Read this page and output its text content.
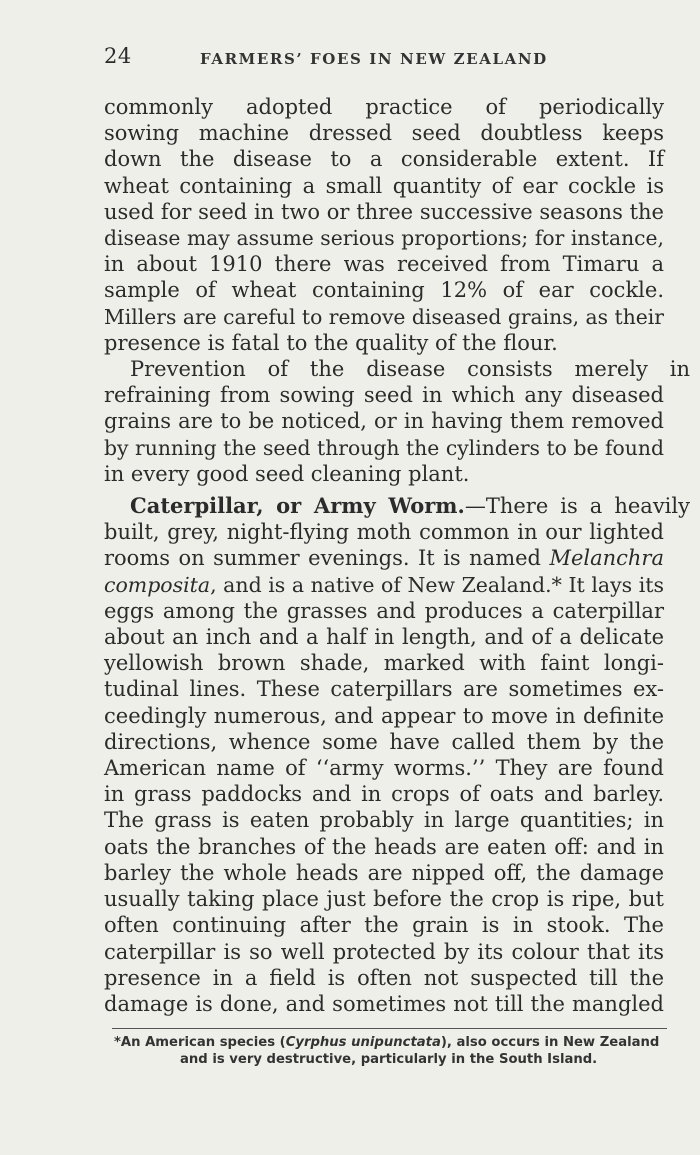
24	FARMERS’ FOES IN NEW ZEALAND
commonly adopted practice of periodically
sowing machine dressed seed doubtless keeps
down the disease to a considerable extent. If
wheat containing a small quantity of ear cockle is
used for seed in two or three successive seasons the
disease may assume serious proportions; for instance,
in about 1910 there was received from Timaru a
sample of wheat containing 12% of ear cockle.
Millers are careful to remove diseased grains, as their
presence is fatal to the quality of the flour.
Prevention of the disease consists merely in
refraining from sowing seed in which any diseased
grains are to be noticed, or in having them removed
by running the seed through the cylinders to be found
in every good seed cleaning plant.
Caterpillar, or Army Worm.—There is a heavily
built, grey, night-flying moth common in our lighted
rooms on summer evenings. It is named Melanchra
composita, and is a native of New Zealand.* It lays its
eggs among the grasses and produces a caterpillar
about an inch and a half in length, and of a delicate
yellowish brown shade, marked with faint longi-
tudinal lines. These caterpillars are sometimes ex-
ceedingly numerous, and appear to move in definite
directions, whence some have called them by the
American name of ‘‘army worms.’’ They are found
in grass paddocks and in crops of oats and barley.
The grass is eaten probably in large quantities; in
oats the branches of the heads are eaten off: and in
barley the whole heads are nipped off, the damage
usually taking place just before the crop is ripe, but
often continuing after the grain is in stook. The
caterpillar is so well protected by its colour that its
presence in a field is often not suspected till the
damage is done, and sometimes not till the mangled
*An American species (Cyrphus unipunctata), also occurs in New Zealand
and is very destructive, particularly in the South Island.
